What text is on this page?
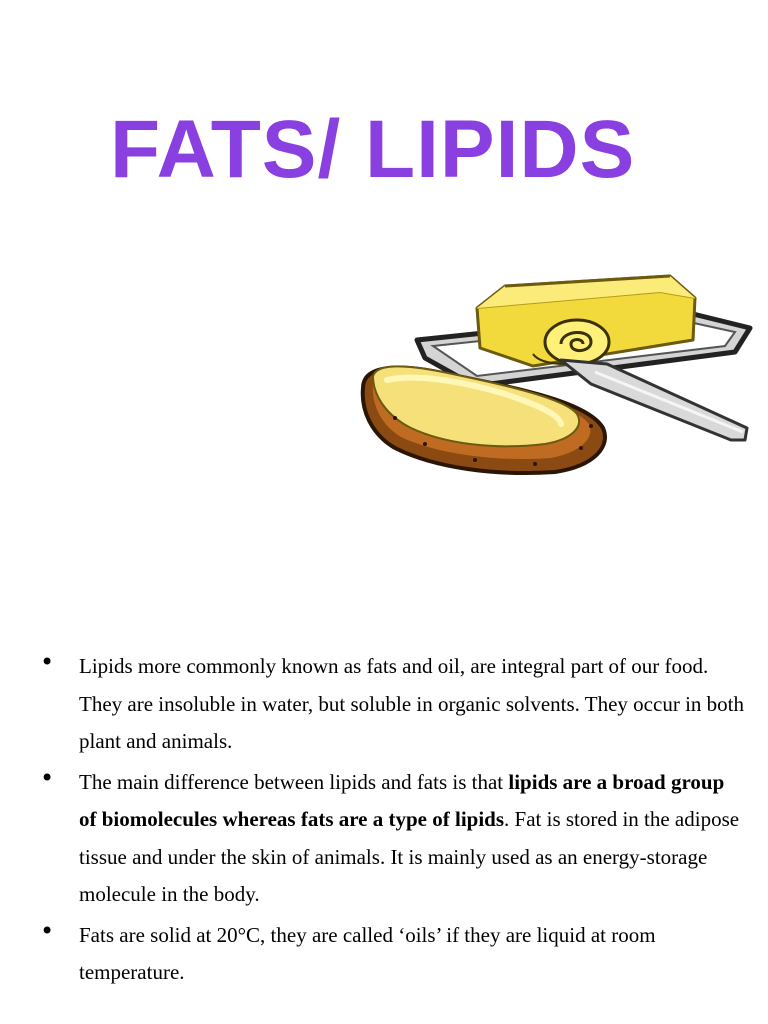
FATS/ LIPIDS
• Lipids more commonly known as fats and oil, are integral part of our food. They are insoluble in water, but soluble in organic solvents. They occur in both plant and animals.
• The main difference between lipids and fats is that lipids are a broad group of biomolecules whereas fats are a type of lipids. Fat is stored in the adipose tissue and under the skin of animals. It is mainly used as an energy-storage molecule in the body.
• Fats are solid at 20°C, they are called ‘oils’ if they are liquid at room temperature.
